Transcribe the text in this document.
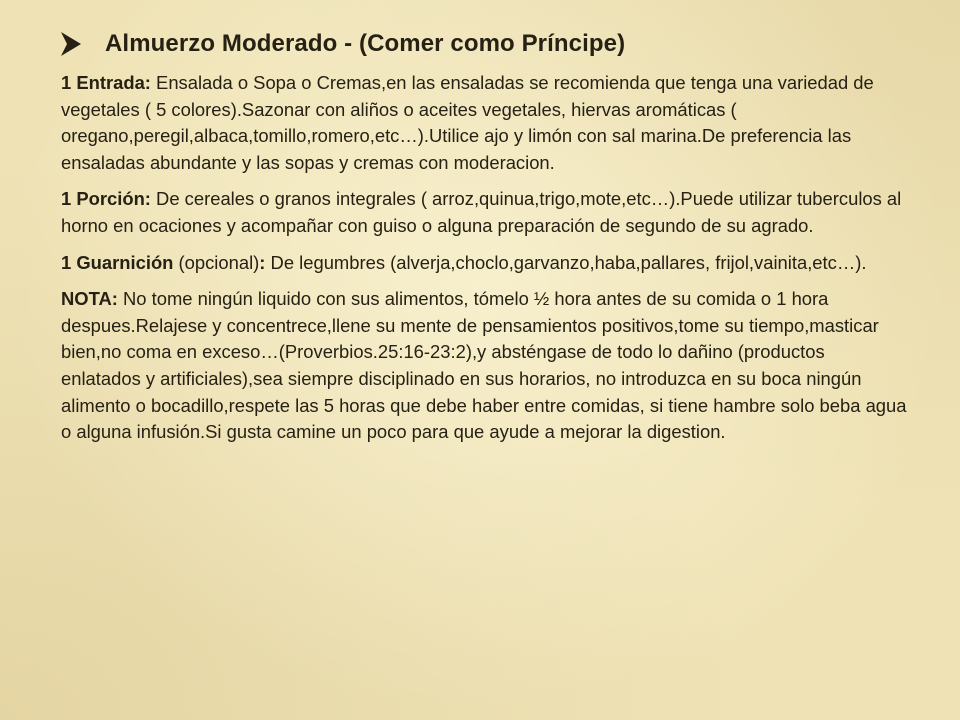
Almuerzo Moderado - (Comer como Príncipe)

1 Entrada: Ensalada o Sopa o Cremas,en las ensaladas se recomienda que tenga una variedad de vegetales ( 5 colores).Sazonar con aliños o aceites vegetales, hiervas aromáticas ( oregano,peregil,albaca,tomillo,romero,etc…).Utilice ajo y limón con sal marina.De preferencia las ensaladas abundante y las sopas y cremas con moderacion.

1 Porción: De cereales o granos integrales ( arroz,quinua,trigo,mote,etc…).Puede utilizar tuberculos al horno en ocaciones y acompañar con guiso o alguna preparación de segundo de su agrado.

1 Guarnición (opcional): De legumbres (alverja,choclo,garvanzo,haba,pallares, frijol,vainita,etc…).

NOTA: No tome ningún liquido con sus alimentos, tómelo ½ hora antes de su comida o 1 hora despues.Relajese y concentrece,llene su mente de pensamientos positivos,tome su tiempo,masticar bien,no coma en exceso…(Proverbios.25:16-23:2),y absténgase de todo lo dañino (productos enlatados y artificiales),sea siempre disciplinado en sus horarios, no introduzca en su boca ningún alimento o bocadillo,respete las 5 horas que debe haber entre comidas, si tiene hambre solo beba agua o alguna infusión.Si gusta camine un poco para que ayude a mejorar la digestion.
